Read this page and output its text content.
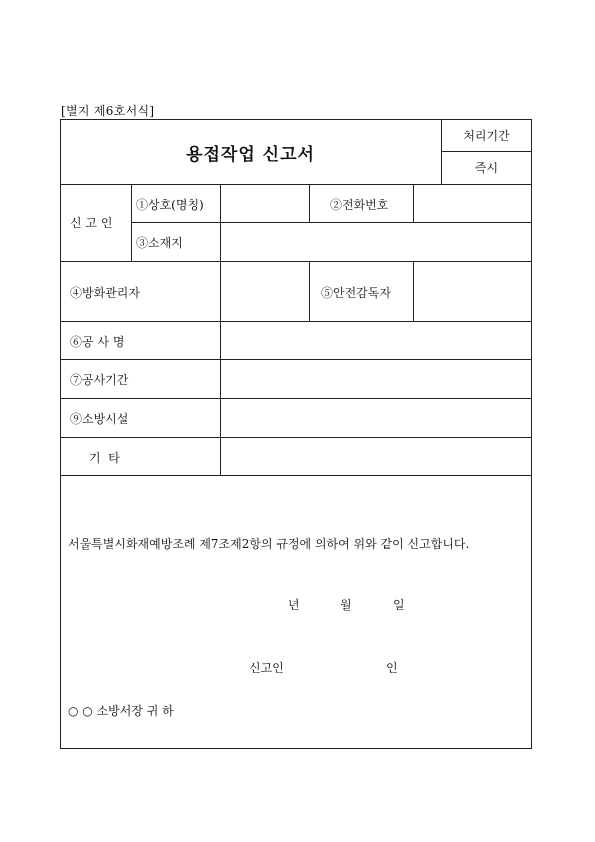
[별지 제6호서식]
용접작업 신고서
처리기간
즉시
신 고 인
①상호(명칭)	②전화번호
③소재지
④방화관리자	⑤안전감독자
⑥공 사 명
⑦공사기간
⑨소방시설
기  타
서울특별시화재예방조례 제7조제2항의 규정에 의하여 위와 같이 신고합니다.
년	월	일
신고인	인
○ ○ 소방서장 귀 하
